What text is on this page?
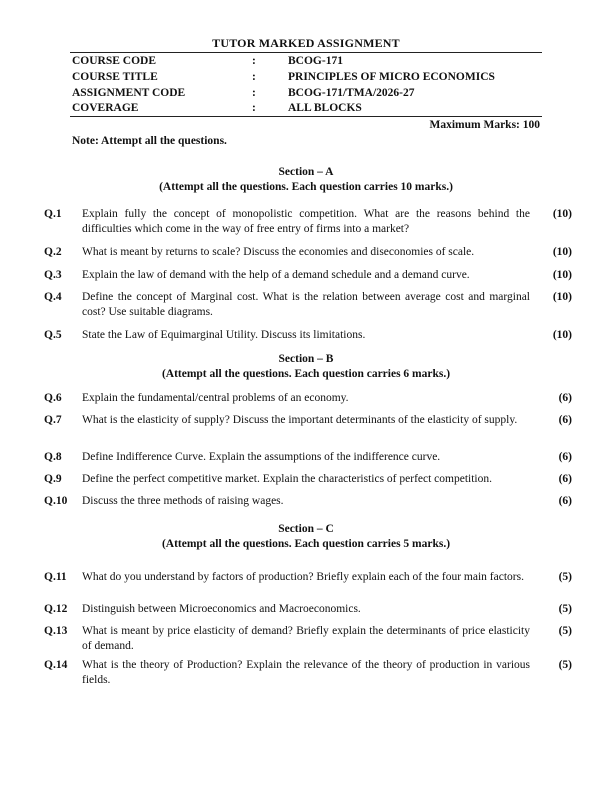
TUTOR MARKED ASSIGNMENT
COURSE CODE	:	BCOG-171
COURSE TITLE	:	PRINCIPLES OF MICRO ECONOMICS
ASSIGNMENT CODE	:	BCOG-171/TMA/2026-27
COVERAGE	:	ALL BLOCKS
Maximum Marks: 100
Note: Attempt all the questions.
Section – A
(Attempt all the questions. Each question carries 10 marks.)
Q.1 Explain fully the concept of monopolistic competition. What are the reasons behind the difficulties which come in the way of free entry of firms into a market?
(10)
Q.2 What is meant by returns to scale? Discuss the economies and diseconomies of scale.	(10)
Q.3 Explain the law of demand with the help of a demand schedule and a demand curve.	(10)
Q.4 Define the concept of Marginal cost. What is the relation between average cost and marginal cost? Use suitable diagrams.
(10)
Q.5 State the Law of Equimarginal Utility. Discuss its limitations.	(10)
Section – B
(Attempt all the questions. Each question carries 6 marks.)
Q.6 Explain the fundamental/central problems of an economy.	(6)
Q.7 What is the elasticity of supply? Discuss the important determinants of the elasticity of supply.	(6)
Q.8 Define Indifference Curve. Explain the assumptions of the indifference curve.	(6)
Q.9 Define the perfect competitive market. Explain the characteristics of perfect competition.	(6)
Q.10 Discuss the three methods of raising wages.	(6)
Section – C
(Attempt all the questions. Each question carries 5 marks.)
Q.11 What do you understand by factors of production? Briefly explain each of the four main factors.	(5)
Q.12 Distinguish between Microeconomics and Macroeconomics.	(5)
Q.13 What is meant by price elasticity of demand? Briefly explain the determinants of price elasticity of demand.
(5)
Q.14 What is the theory of Production? Explain the relevance of the theory of production in various fields.
(5)
